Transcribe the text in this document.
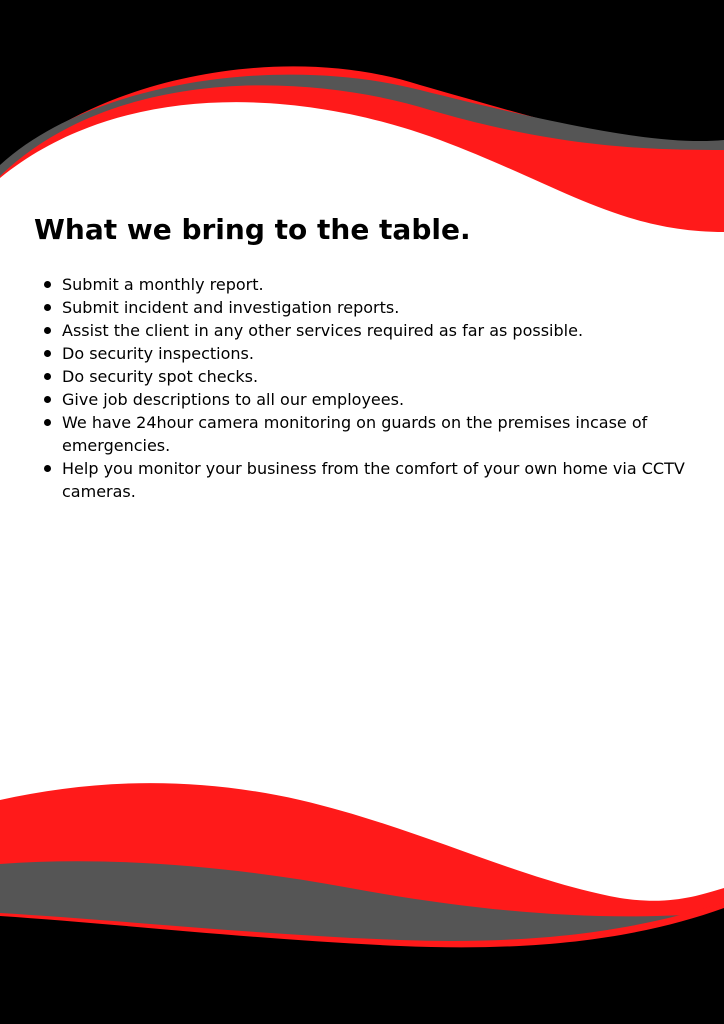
What we bring to the table.
Submit a monthly report.
Submit incident and investigation reports.
Assist the client in any other services required as far as possible.
Do security inspections.
Do security spot checks.
Give job descriptions to all our employees.
We have 24hour camera monitoring on guards on the premises incase of emergencies.
Help you monitor your business from the comfort of your own home via CCTV cameras.
